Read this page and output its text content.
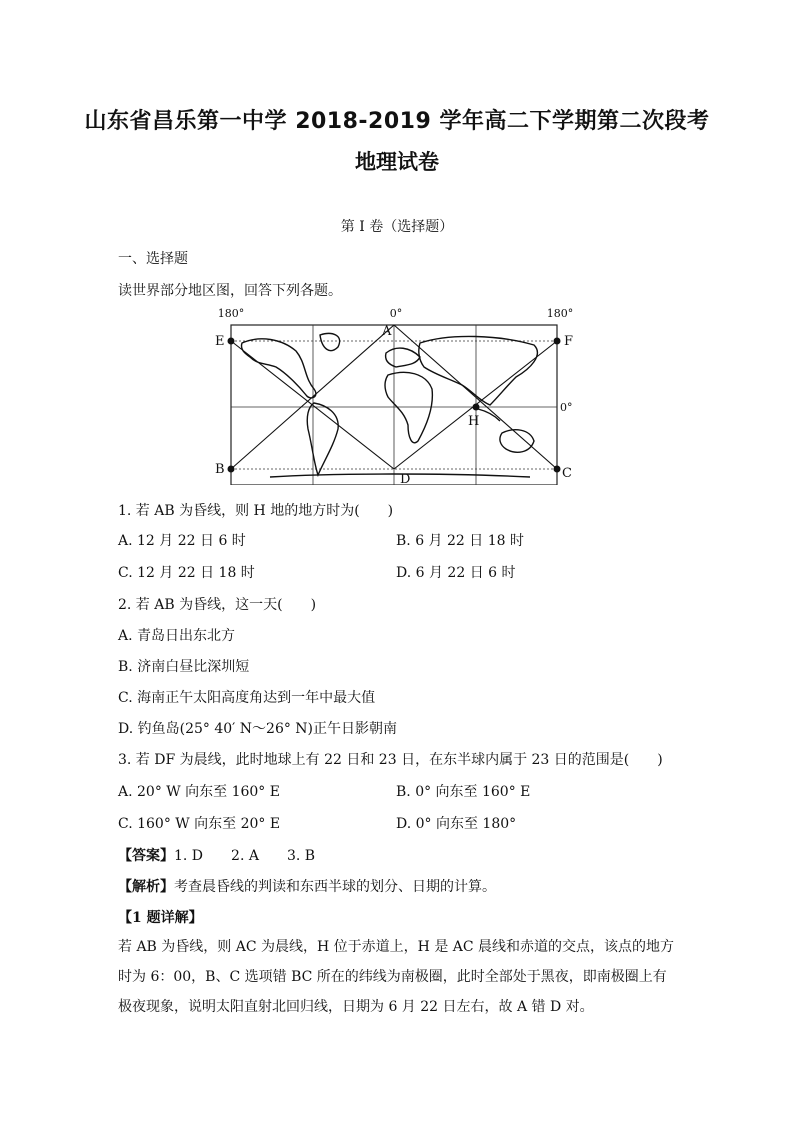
山东省昌乐第一中学 2018-2019 学年高二下学期第二次段考
地理试卷
第 I 卷（选择题）
一、选择题
读世界部分地区图，回答下列各题。
180°	0°	180°
0°
E
A
F
B
D	C
H
1. 若 AB 为昏线，则 H 地的地方时为(　　)
A. 12 月 22 日 6 时	B. 6 月 22 日 18 时
C. 12 月 22 日 18 时	D. 6 月 22 日 6 时
2. 若 AB 为昏线，这一天(　　)
A. 青岛日出东北方
B. 济南白昼比深圳短
C. 海南正午太阳高度角达到一年中最大值
D. 钓鱼岛(25° 40′ N～26° N)正午日影朝南
3. 若 DF 为晨线，此时地球上有 22 日和 23 日，在东半球内属于 23 日的范围是(　　)
A. 20° W 向东至 160° E	B. 0° 向东至 160° E
C. 160° W 向东至 20° E	D. 0° 向东至 180°
【答案】1. D　　2. A　　3. B
【解析】考查晨昏线的判读和东西半球的划分、日期的计算。
【1 题详解】
若 AB 为昏线，则 AC 为晨线，H 位于赤道上，H 是 AC 晨线和赤道的交点，该点的地方时为 6：00，B、C 选项错 BC 所在的纬线为南极圈，此时全部处于黑夜，即南极圈上有极夜现象，说明太阳直射北回归线，日期为 6 月 22 日左右，故 A 错 D 对。
